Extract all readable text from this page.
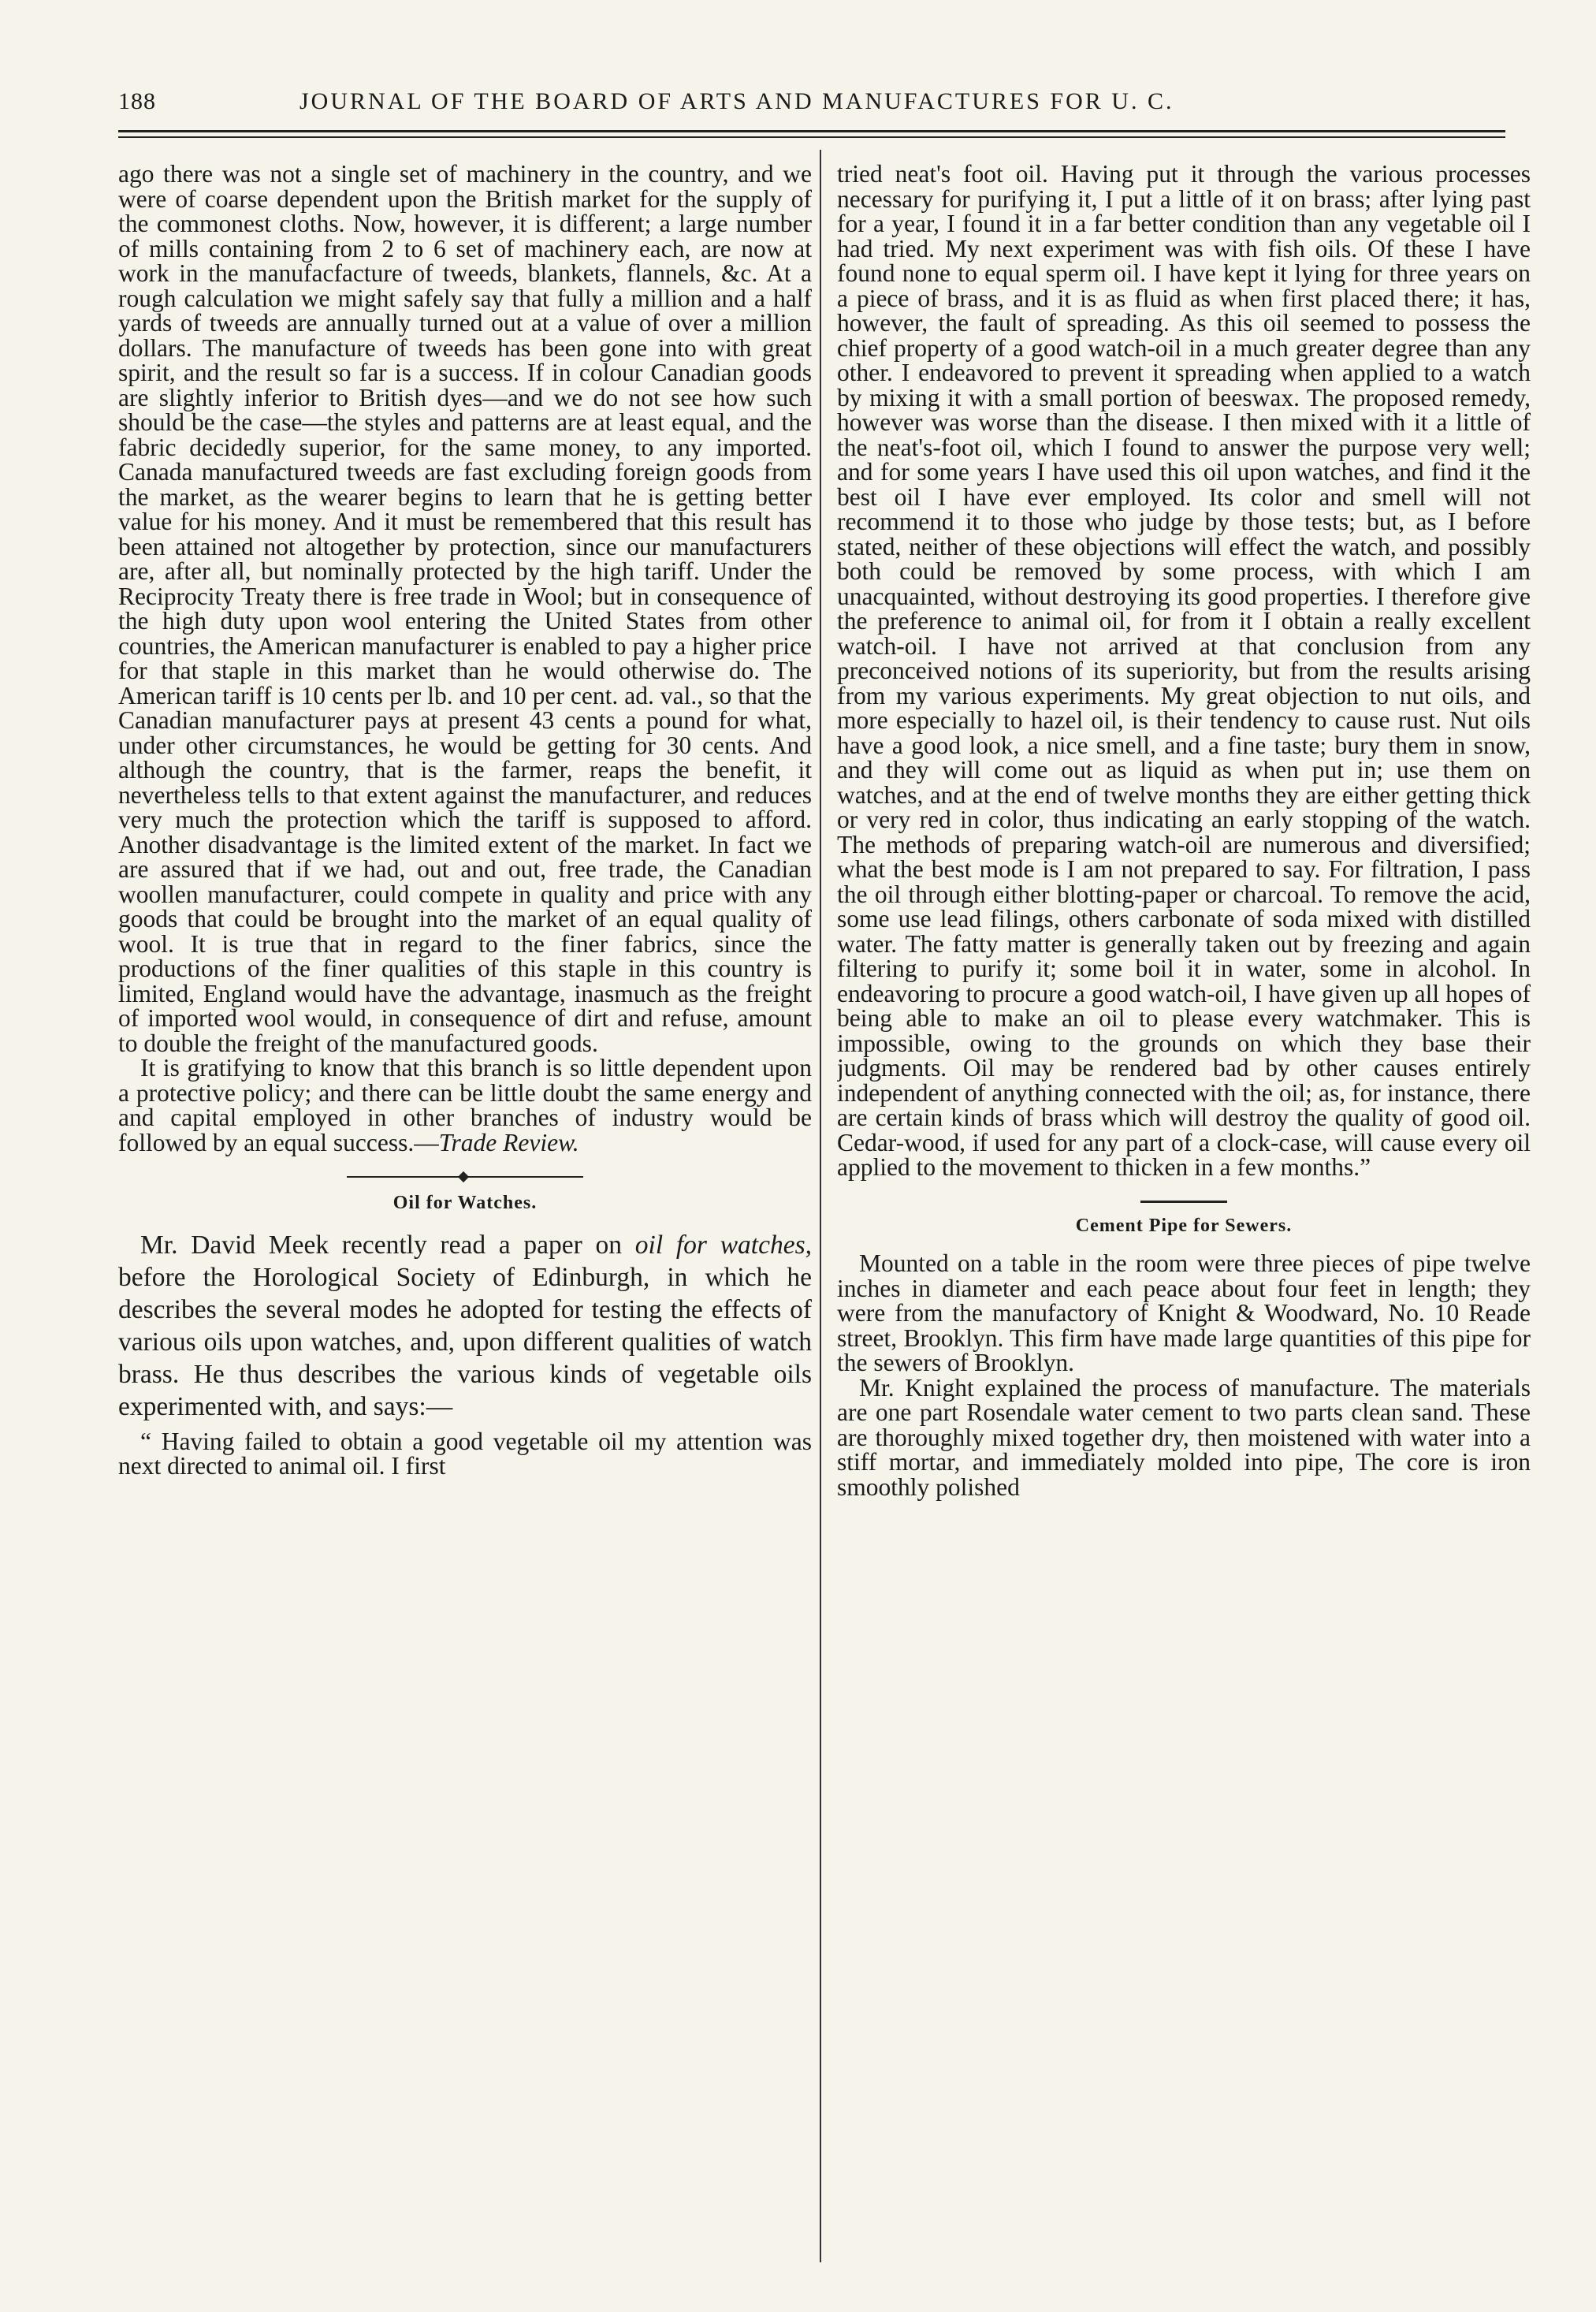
188	JOURNAL OF THE BOARD OF ARTS AND MANUFACTURES FOR U. C.

ago there was not a single set of machinery in the country, and we were of coarse dependent upon the British market for the supply of the commonest cloths. Now, however, it is different; a large number of mills containing from 2 to 6 set of machinery each, are now at work in the manufacfacture of tweeds, blankets, flannels, &c. At a rough calculation we might safely say that fully a million and a half yards of tweeds are annually turned out at a value of over a million dollars. The manufacture of tweeds has been gone into with great spirit, and the result so far is a success. If in colour Canadian goods are slightly inferior to British dyes—and we do not see how such should be the case—the styles and patterns are at least equal, and the fabric decidedly superior, for the same money, to any imported. Canada manufactured tweeds are fast excluding foreign goods from the market, as the wearer begins to learn that he is getting better value for his money. And it must be remembered that this result has been attained not altogether by protection, since our manufacturers are, after all, but nominally protected by the high tariff. Under the Reciprocity Treaty there is free trade in Wool; but in consequence of the high duty upon wool entering the United States from other countries, the American manufacturer is enabled to pay a higher price for that staple in this market than he would otherwise do. The American tariff is 10 cents per lb. and 10 per cent. ad. val., so that the Canadian manufacturer pays at present 43 cents a pound for what, under other circumstances, he would be getting for 30 cents. And although the country, that is the farmer, reaps the benefit, it nevertheless tells to that extent against the manufacturer, and reduces very much the protection which the tariff is supposed to afford. Another disadvantage is the limited extent of the market. In fact we are assured that if we had, out and out, free trade, the Canadian woollen manufacturer, could compete in quality and price with any goods that could be brought into the market of an equal quality of wool. It is true that in regard to the finer fabrics, since the productions of the finer qualities of this staple in this country is limited, England would have the advantage, inasmuch as the freight of imported wool would, in consequence of dirt and refuse, amount to double the freight of the manufactured goods.

It is gratifying to know that this branch is so little dependent upon a protective policy; and there can be little doubt the same energy and and capital employed in other branches of industry would be followed by an equal success.—Trade Review.

Oil for Watches.

Mr. David Meek recently read a paper on oil for watches, before the Horological Society of Edinburgh, in which he describes the several modes he adopted for testing the effects of various oils upon watches, and, upon different qualities of watch brass. He thus describes the various kinds of vegetable oils experimented with, and says:—

“ Having failed to obtain a good vegetable oil my attention was next directed to animal oil. I first

tried neat's foot oil. Having put it through the various processes necessary for purifying it, I put a little of it on brass; after lying past for a year, I found it in a far better condition than any vegetable oil I had tried. My next experiment was with fish oils. Of these I have found none to equal sperm oil. I have kept it lying for three years on a piece of brass, and it is as fluid as when first placed there; it has, however, the fault of spreading. As this oil seemed to possess the chief property of a good watch-oil in a much greater degree than any other. I endeavored to prevent it spreading when applied to a watch by mixing it with a small portion of beeswax. The proposed remedy, however was worse than the disease. I then mixed with it a little of the neat's-foot oil, which I found to answer the purpose very well; and for some years I have used this oil upon watches, and find it the best oil I have ever employed. Its color and smell will not recommend it to those who judge by those tests; but, as I before stated, neither of these objections will effect the watch, and possibly both could be removed by some process, with which I am unacquainted, without destroying its good properties. I therefore give the preference to animal oil, for from it I obtain a really excellent watch-oil. I have not arrived at that conclusion from any preconceived notions of its superiority, but from the results arising from my various experiments. My great objection to nut oils, and more especially to hazel oil, is their tendency to cause rust. Nut oils have a good look, a nice smell, and a fine taste; bury them in snow, and they will come out as liquid as when put in; use them on watches, and at the end of twelve months they are either getting thick or very red in color, thus indicating an early stopping of the watch. The methods of preparing watch-oil are numerous and diversified; what the best mode is I am not prepared to say. For filtration, I pass the oil through either blotting-paper or charcoal. To remove the acid, some use lead filings, others carbonate of soda mixed with distilled water. The fatty matter is generally taken out by freezing and again filtering to purify it; some boil it in water, some in alcohol. In endeavoring to procure a good watch-oil, I have given up all hopes of being able to make an oil to please every watchmaker. This is impossible, owing to the grounds on which they base their judgments. Oil may be rendered bad by other causes entirely independent of anything connected with the oil; as, for instance, there are certain kinds of brass which will destroy the quality of good oil. Cedar-wood, if used for any part of a clock-case, will cause every oil applied to the movement to thicken in a few months.”

Cement Pipe for Sewers.

Mounted on a table in the room were three pieces of pipe twelve inches in diameter and each peace about four feet in length; they were from the manufactory of Knight & Woodward, No. 10 Reade street, Brooklyn. This firm have made large quantities of this pipe for the sewers of Brooklyn.

Mr. Knight explained the process of manufacture. The materials are one part Rosendale water cement to two parts clean sand. These are thoroughly mixed together dry, then moistened with water into a stiff mortar, and immediately molded into pipe, The core is iron smoothly polished
